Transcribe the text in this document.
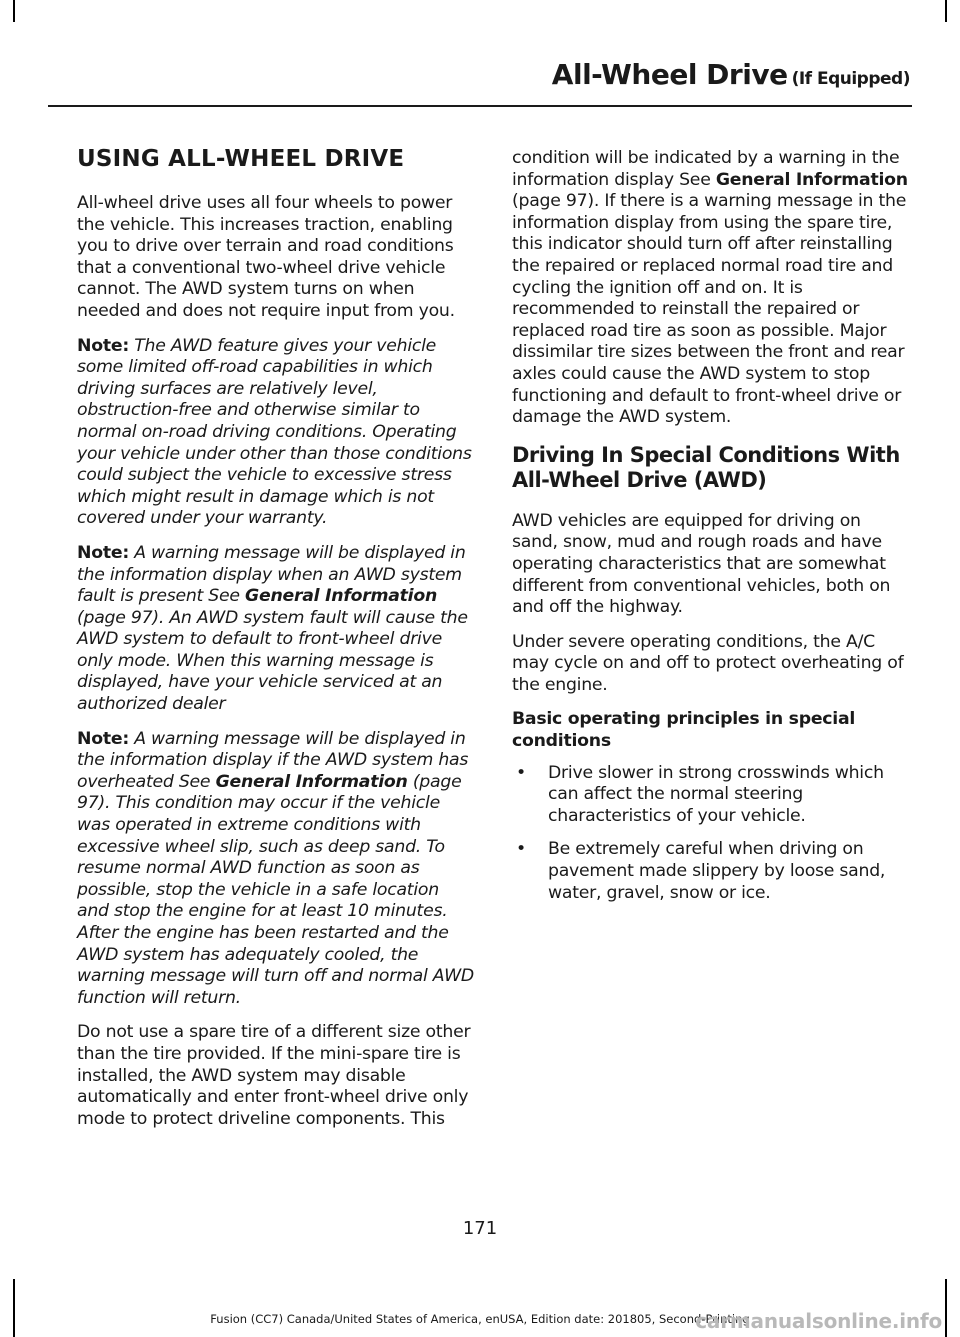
All-Wheel Drive (If Equipped)
USING ALL-WHEEL DRIVE

All-wheel drive uses all four wheels to power the vehicle. This increases traction, enabling you to drive over terrain and road conditions that a conventional two-wheel drive vehicle cannot. The AWD system turns on when needed and does not require input from you.

Note: The AWD feature gives your vehicle some limited off-road capabilities in which driving surfaces are relatively level, obstruction-free and otherwise similar to normal on-road driving conditions. Operating your vehicle under other than those conditions could subject the vehicle to excessive stress which might result in damage which is not covered under your warranty.

Note: A warning message will be displayed in the information display when an AWD system fault is present See General Information (page 97). An AWD system fault will cause the AWD system to default to front-wheel drive only mode. When this warning message is displayed, have your vehicle serviced at an authorized dealer

Note: A warning message will be displayed in the information display if the AWD system has overheated See General Information (page 97). This condition may occur if the vehicle was operated in extreme conditions with excessive wheel slip, such as deep sand. To resume normal AWD function as soon as possible, stop the vehicle in a safe location and stop the engine for at least 10 minutes. After the engine has been restarted and the AWD system has adequately cooled, the warning message will turn off and normal AWD function will return.

Do not use a spare tire of a different size other than the tire provided. If the mini-spare tire is installed, the AWD system may disable automatically and enter front-wheel drive only mode to protect driveline components. This

condition will be indicated by a warning in the information display See General Information (page 97). If there is a warning message in the information display from using the spare tire, this indicator should turn off after reinstalling the repaired or replaced normal road tire and cycling the ignition off and on. It is recommended to reinstall the repaired or replaced road tire as soon as possible. Major dissimilar tire sizes between the front and rear axles could cause the AWD system to stop functioning and default to front-wheel drive or damage the AWD system.

Driving In Special Conditions With All-Wheel Drive (AWD)

AWD vehicles are equipped for driving on sand, snow, mud and rough roads and have operating characteristics that are somewhat different from conventional vehicles, both on and off the highway.

Under severe operating conditions, the A/C may cycle on and off to protect overheating of the engine.

Basic operating principles in special conditions
• Drive slower in strong crosswinds which can affect the normal steering characteristics of your vehicle.
• Be extremely careful when driving on pavement made slippery by loose sand, water, gravel, snow or ice.
171
Fusion (CC7) Canada/United States of America, enUSA, Edition date: 201805, Second-Printing
carmanualsonline.info
